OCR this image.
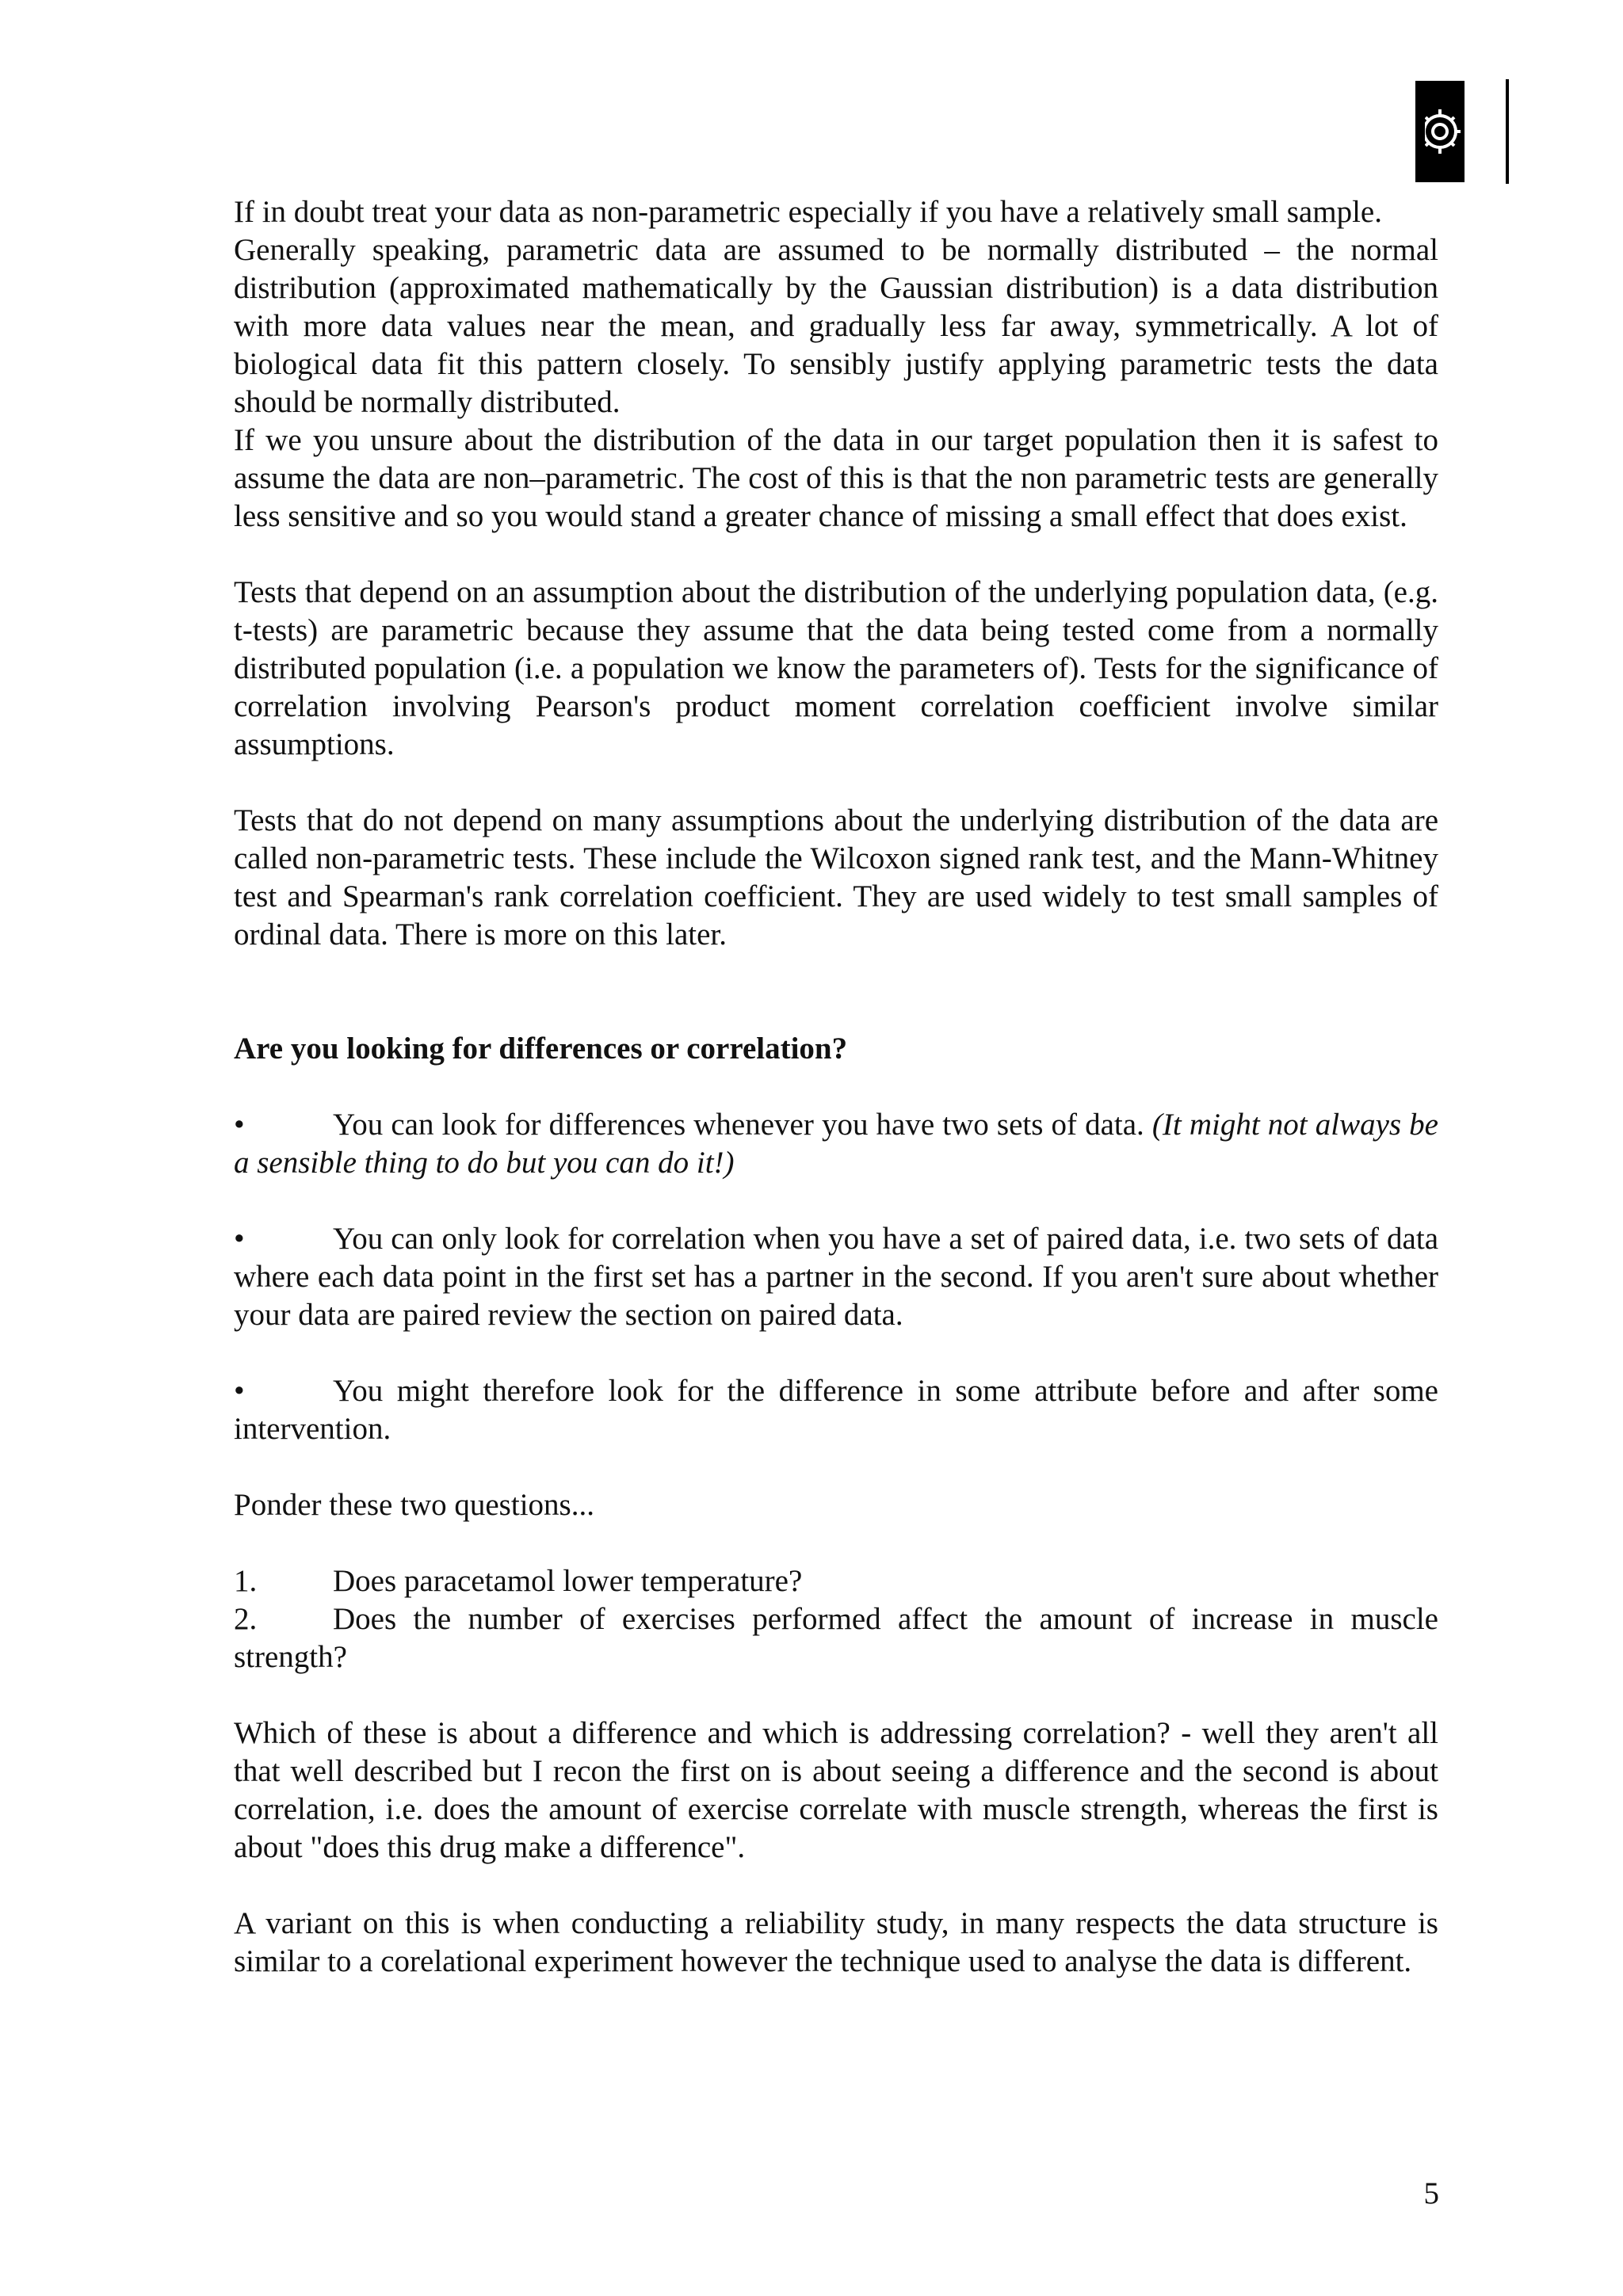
If in doubt treat your data as non-parametric especially if you have a relatively small sample.

Generally speaking, parametric data are assumed to be normally distributed – the normal distribution (approximated mathematically by the Gaussian distribution) is a data distribution with more data values near the mean, and gradually less far away, symmetrically. A lot of biological data fit this pattern closely. To sensibly justify applying parametric tests the data should be normally distributed.

If we you unsure about the distribution of the data in our target population then it is safest to assume the data are non–parametric. The cost of this is that the non parametric tests are generally less sensitive and so you would stand a greater chance of missing a small effect that does exist.

Tests that depend on an assumption about the distribution of the underlying population data, (e.g. t-tests) are parametric because they assume that the data being tested come from a normally distributed population (i.e. a population we know the parameters of). Tests for the significance of correlation involving Pearson's product moment correlation coefficient involve similar assumptions.

Tests that do not depend on many assumptions about the underlying distribution of the data are called non-parametric tests. These include the Wilcoxon signed rank test, and the Mann-Whitney test and Spearman's rank correlation coefficient. They are used widely to test small samples of ordinal data. There is more on this later.

Are you looking for differences or correlation?

•	You can look for differences whenever you have two sets of data. (It might not always be a sensible thing to do but you can do it!)

•	You can only look for correlation when you have a set of paired data, i.e. two sets of data where each data point in the first set has a partner in the second. If you aren't sure about whether your data are paired review the section on paired data.

•	You might therefore look for the difference in some attribute before and after some intervention.

Ponder these two questions...

1. Does paracetamol lower temperature?

2. Does the number of exercises performed affect the amount of increase in muscle strength?

Which of these is about a difference and which is addressing correlation? - well they aren't all that well described but I recon the first on is about seeing a difference and the second is about correlation, i.e. does the amount of exercise correlate with muscle strength, whereas the first is about "does this drug make a difference".

A variant on this is when conducting a reliability study, in many respects the data structure is similar to a corelational experiment however the technique used to analyse the data is different.

5
